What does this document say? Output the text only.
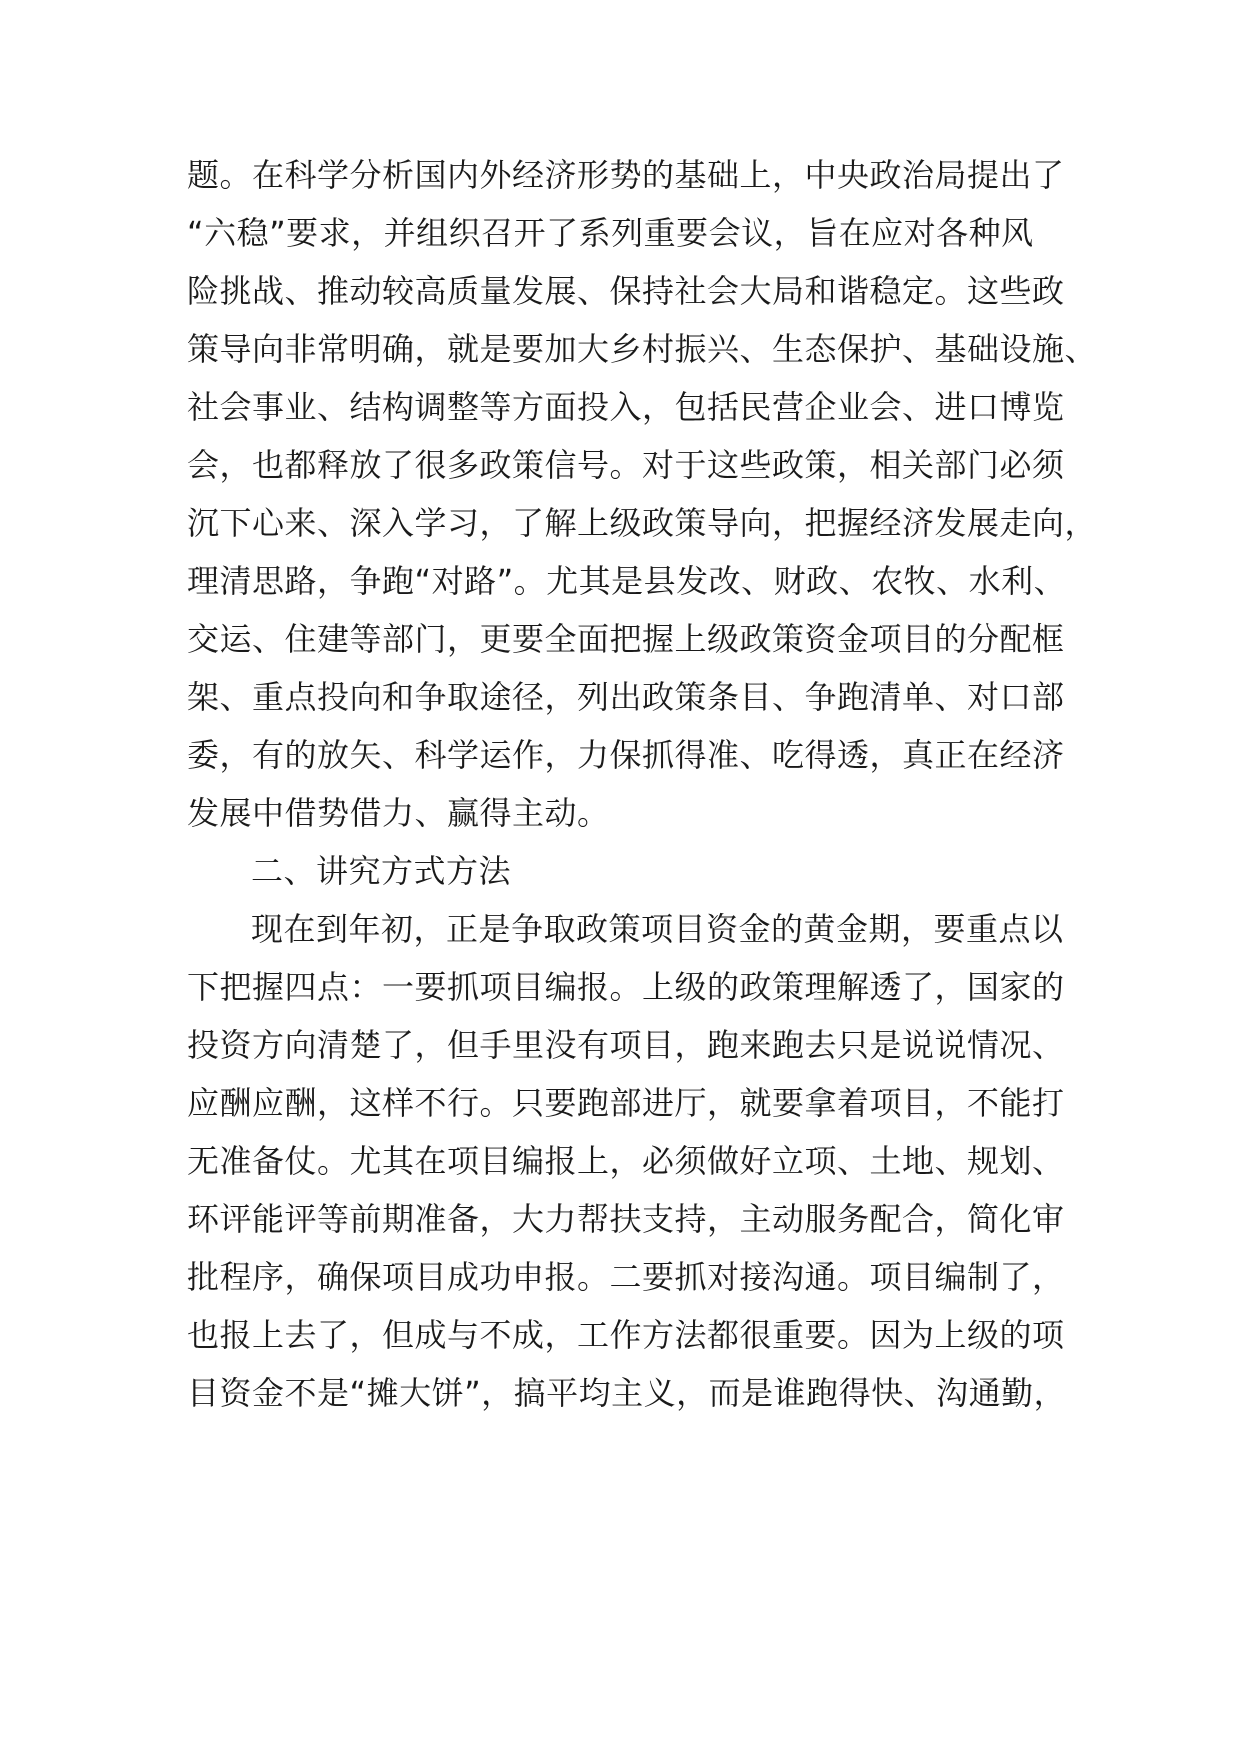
题。在科学分析国内外经济形势的基础上，中央政治局提出了
“六稳”要求，并组织召开了系列重要会议，旨在应对各种风
险挑战、推动较高质量发展、保持社会大局和谐稳定。这些政
策导向非常明确，就是要加大乡村振兴、生态保护、基础设施、
社会事业、结构调整等方面投入，包括民营企业会、进口博览
会，也都释放了很多政策信号。对于这些政策，相关部门必须
沉下心来、深入学习，了解上级政策导向，把握经济发展走向，
理清思路，争跑“对路”。尤其是县发改、财政、农牧、水利、
交运、住建等部门，更要全面把握上级政策资金项目的分配框
架、重点投向和争取途径，列出政策条目、争跑清单、对口部
委，有的放矢、科学运作，力保抓得准、吃得透，真正在经济
发展中借势借力、赢得主动。
二、讲究方式方法
现在到年初，正是争取政策项目资金的黄金期，要重点以
下把握四点：一要抓项目编报。上级的政策理解透了，国家的
投资方向清楚了，但手里没有项目，跑来跑去只是说说情况、
应酬应酬，这样不行。只要跑部进厅，就要拿着项目，不能打
无准备仗。尤其在项目编报上，必须做好立项、土地、规划、
环评能评等前期准备，大力帮扶支持，主动服务配合，简化审
批程序，确保项目成功申报。二要抓对接沟通。项目编制了，
也报上去了，但成与不成，工作方法都很重要。因为上级的项
目资金不是“摊大饼”，搞平均主义，而是谁跑得快、沟通勤，
